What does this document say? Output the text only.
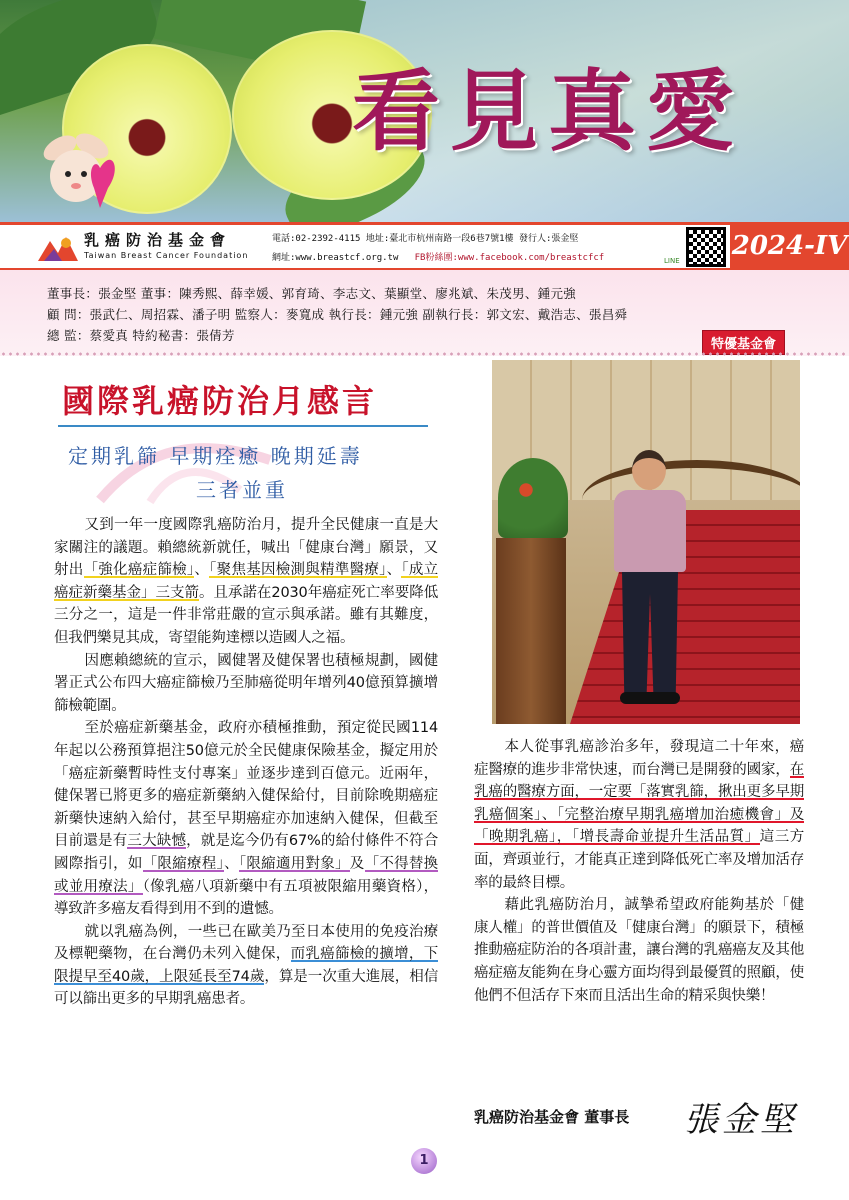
看見真愛
乳癌防治基金會
Taiwan Breast Cancer Foundation
電話:02-2392-4115 地址:臺北市杭州南路一段6巷7號1樓 發行人:張金堅
網址:www.breastcf.org.tw FB粉絲團:www.facebook.com/breastcfcf	LINE 2024-IV
董事長：張金堅 董事：陳秀熙、薛幸媛、郭育琦、李志文、葉顯堂、廖兆斌、朱茂男、鍾元強
顧 問：張武仁、周招霖、潘子明 監察人：麥寬成 執行長：鍾元強 副執行長：郭文宏、戴浩志、張昌舜
總 監：蔡愛真 特約秘書：張倩芳
特優基金會
國際乳癌防治月感言
定期乳篩 早期痊癒 晚期延壽
三者並重

又到一年一度國際乳癌防治月，提升全民健康一直是大家關注的議題。賴總統新就任，喊出「健康台灣」願景，又射出「強化癌症篩檢」、「聚焦基因檢測與精準醫療」、「成立癌症新藥基金」三支箭。且承諾在2030年癌症死亡率要降低三分之一，這是一件非常莊嚴的宣示與承諾。雖有其難度，但我們樂見其成，寄望能夠達標以造國人之福。

因應賴總統的宣示，國健署及健保署也積極規劃，國健署正式公布四大癌症篩檢乃至肺癌從明年增列40億預算擴增篩檢範圍。

至於癌症新藥基金，政府亦積極推動，預定從民國114年起以公務預算挹注50億元於全民健康保險基金，擬定用於「癌症新藥暫時性支付專案」並逐步達到百億元。近兩年，健保署已將更多的癌症新藥納入健保給付，目前除晚期癌症新藥快速納入給付，甚至早期癌症亦加速納入健保，但截至目前還是有三大缺憾，就是迄今仍有67%的給付條件不符合國際指引，如「限縮療程」、「限縮適用對象」及「不得替換或並用療法」（像乳癌八項新藥中有五項被限縮用藥資格），導致許多癌友看得到用不到的遺憾。

就以乳癌為例，一些已在歐美乃至日本使用的免疫治療及標靶藥物，在台灣仍未列入健保，而乳癌篩檢的擴增，下限提早至40歲，上限延長至74歲，算是一次重大進展，相信可以篩出更多的早期乳癌患者。

本人從事乳癌診治多年，發現這二十年來，癌症醫療的進步非常快速，而台灣已是開發的國家，在乳癌的醫療方面，一定要「落實乳篩，揪出更多早期乳癌個案」、「完整治療早期乳癌增加治癒機會」及「晚期乳癌」，「增長壽命並提升生活品質」這三方面，齊頭並行，才能真正達到降低死亡率及增加活存率的最終目標。

藉此乳癌防治月，誠摯希望政府能夠基於「健康人權」的普世價值及「健康台灣」的願景下，積極推動癌症防治的各項計畫，讓台灣的乳癌癌友及其他癌症癌友能夠在身心靈方面均得到最優質的照顧，使他們不但活存下來而且活出生命的精采與快樂！

乳癌防治基金會 董事長 張金堅
1
